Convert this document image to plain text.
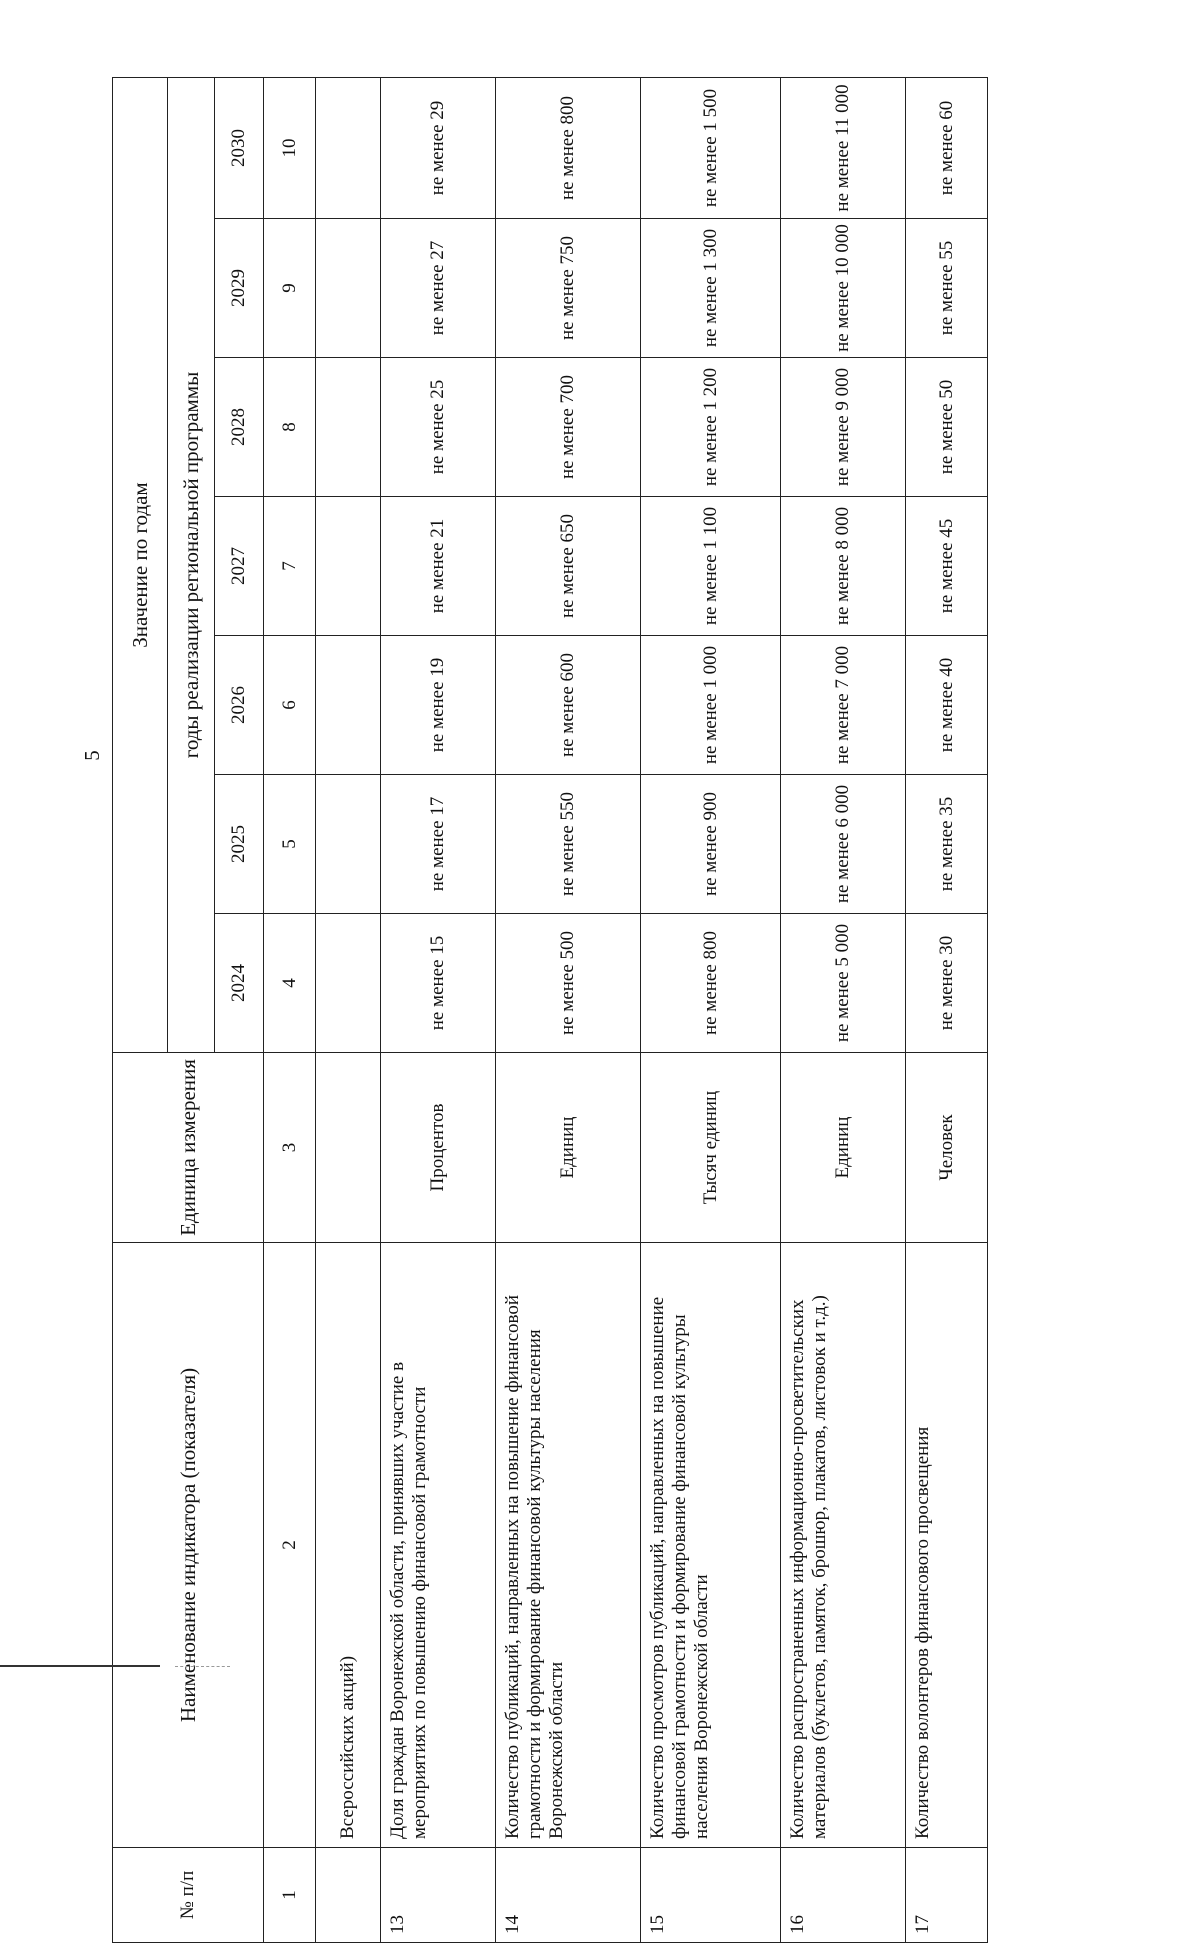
5
№ п/п	Наименование индикатора (показателя)	Единица измерения	Значение по годам						
			годы реализации региональной программы						
			2024	2025	2026	2027	2028	2029	2030
1	2	3	4	5	6	7	8	9	10
	Всероссийских акций)								
13	Доля граждан Воронежской области, принявших участие в мероприятиях по повышению финансовой грамотности	Процентов	не менее 15	не менее 17	не менее 19	не менее 21	не менее 25	не менее 27	не менее 29
14	Количество публикаций, направленных на повышение финансовой грамотности и формирование финансовой культуры населения Воронежской области	Единиц	не менее 500	не менее 550	не менее 600	не менее 650	не менее 700	не менее 750	не менее 800
15	Количество просмотров публикаций, направленных на повышение финансовой грамотности и формирование финансовой культуры населения Воронежской области	Тысяч единиц	не менее 800	не менее 900	не менее 1 000	не менее 1 100	не менее 1 200	не менее 1 300	не менее 1 500
16	Количество распространенных информационно-просветительских материалов (буклетов, памяток, брошюр, плакатов, листовок и т.д.)	Единиц	не менее 5 000	не менее 6 000	не менее 7 000	не менее 8 000	не менее 9 000	не менее 10 000	не менее 11 000
17	Количество волонтеров финансового просвещения	Человек	не менее 30	не менее 35	не менее 40	не менее 45	не менее 50	не менее 55	не менее 60
